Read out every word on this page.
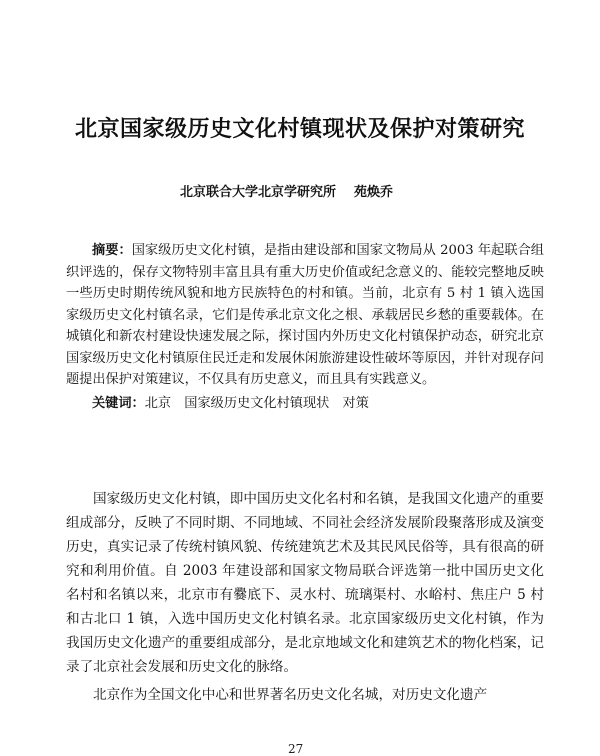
北京国家级历史文化村镇现状及保护对策研究
北京联合大学北京学研究所 苑焕乔

摘要：国家级历史文化村镇，是指由建设部和国家文物局从 2003 年起联合组织评选的，保存文物特别丰富且具有重大历史价值或纪念意义的、能较完整地反映一些历史时期传统风貌和地方民族特色的村和镇。当前，北京有 5 村 1 镇入选国家级历史文化村镇名录，它们是传承北京文化之根、承载居民乡愁的重要载体。在城镇化和新农村建设快速发展之际，探讨国内外历史文化村镇保护动态，研究北京国家级历史文化村镇原住民迁走和发展休闲旅游建设性破坏等原因，并针对现存问题提出保护对策建议，不仅具有历史意义，而且具有实践意义。

关键词：北京　国家级历史文化村镇现状　对策

国家级历史文化村镇，即中国历史文化名村和名镇，是我国文化遗产的重要组成部分，反映了不同时期、不同地域、不同社会经济发展阶段聚落形成及演变历史，真实记录了传统村镇风貌、传统建筑艺术及其民风民俗等，具有很高的研究和利用价值。自 2003 年建设部和国家文物局联合评选第一批中国历史文化名村和名镇以来，北京市有爨底下、灵水村、琉璃渠村、水峪村、焦庄户 5 村和古北口 1 镇，入选中国历史文化村镇名录。北京国家级历史文化村镇，作为我国历史文化遗产的重要组成部分，是北京地域文化和建筑艺术的物化档案，记录了北京社会发展和历史文化的脉络。

北京作为全国文化中心和世界著名历史文化名城，对历史文化遗产

27
